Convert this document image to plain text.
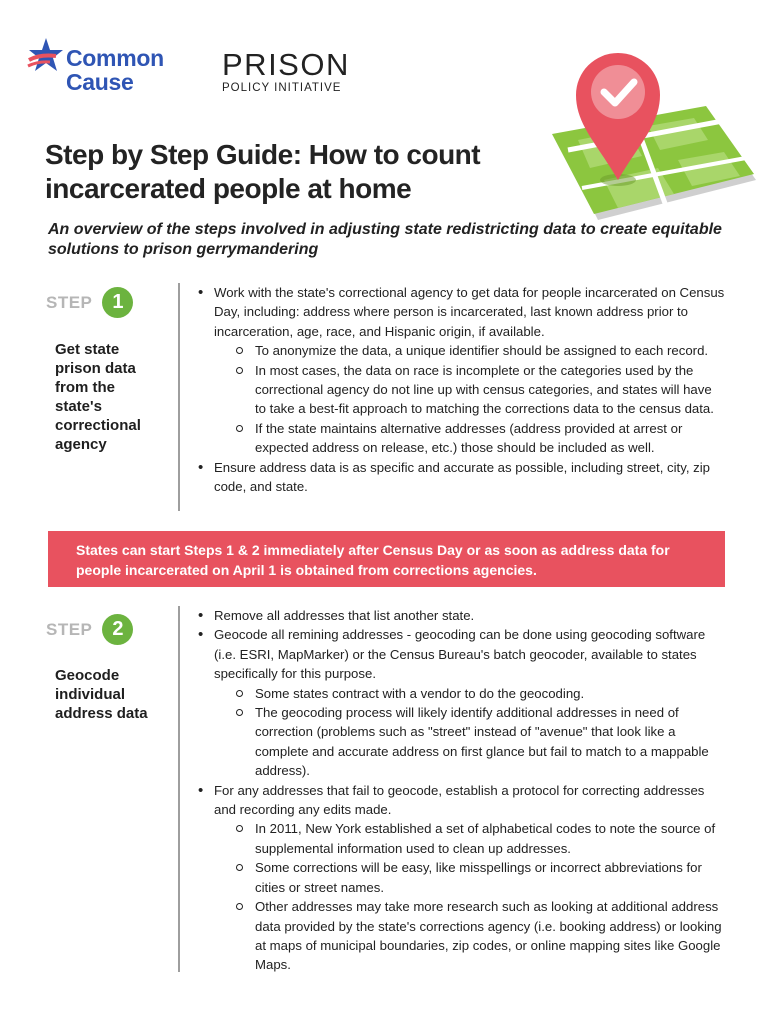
Common
Cause	PRISON
POLICY INITIATIVE
Step by Step Guide: How to count incarcerated people at home
An overview of the steps involved in adjusting state redistricting data to create equitable solutions to prison gerrymandering
STEP 1
Get state prison data from the state's correctional agency
• Work with the state's correctional agency to get data for people incarcerated on Census Day, including: address where person is incarcerated, last known address prior to incarceration, age, race, and Hispanic origin, if available.
To anonymize the data, a unique identifier should be assigned to each record.
In most cases, the data on race is incomplete or the categories used by the correctional agency do not line up with census categories, and states will have to take a best-fit approach to matching the corrections data to the census data.
If the state maintains alternative addresses (address provided at arrest or expected address on release, etc.) those should be included as well.
• Ensure address data is as specific and accurate as possible, including street, city, zip code, and state.
States can start Steps 1 & 2 immediately after Census Day or as soon as address data for people incarcerated on April 1 is obtained from corrections agencies.
STEP 2
Geocode individual address data
• Remove all addresses that list another state.
• Geocode all remining addresses - geocoding can be done using geocoding software (i.e. ESRI, MapMarker) or the Census Bureau's batch geocoder, available to states specifically for this purpose.
Some states contract with a vendor to do the geocoding.
The geocoding process will likely identify additional addresses in need of correction (problems such as "street" instead of "avenue" that look like a complete and accurate address on first glance but fail to match to a mappable address).
• For any addresses that fail to geocode, establish a protocol for correcting addresses and recording any edits made.
In 2011, New York established a set of alphabetical codes to note the source of supplemental information used to clean up addresses.
Some corrections will be easy, like misspellings or incorrect abbreviations for cities or street names.
Other addresses may take more research such as looking at additional address data provided by the state's corrections agency (i.e. booking address) or looking at maps of municipal boundaries, zip codes, or online mapping sites like Google Maps.
